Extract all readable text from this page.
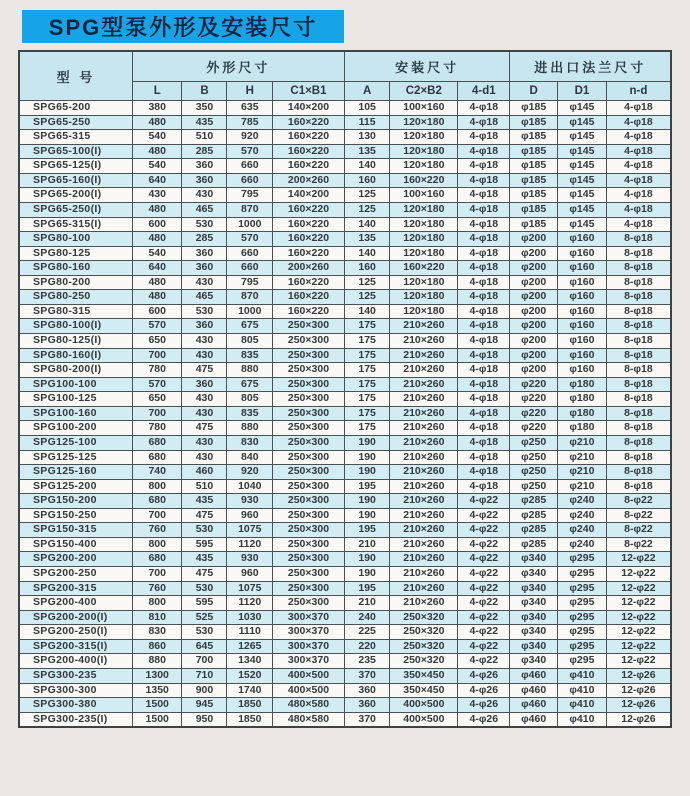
SPG型泵外形及安装尺寸
型 号	外形尺寸				安装尺寸			进出口法兰尺寸		
	L	B	H	C1×B1	A	C2×B2	4-d1	D	D1	n-d
SPG65-200	380	350	635	140×200	105	100×160	4-φ18	φ185	φ145	4-φ18
SPG65-250	480	435	785	160×220	115	120×180	4-φ18	φ185	φ145	4-φ18
SPG65-315	540	510	920	160×220	130	120×180	4-φ18	φ185	φ145	4-φ18
SPG65-100(I)	480	285	570	160×220	135	120×180	4-φ18	φ185	φ145	4-φ18
SPG65-125(I)	540	360	660	160×220	140	120×180	4-φ18	φ185	φ145	4-φ18
SPG65-160(I)	640	360	660	200×260	160	160×220	4-φ18	φ185	φ145	4-φ18
SPG65-200(I)	430	430	795	140×200	125	100×160	4-φ18	φ185	φ145	4-φ18
SPG65-250(I)	480	465	870	160×220	125	120×180	4-φ18	φ185	φ145	4-φ18
SPG65-315(I)	600	530	1000	160×220	140	120×180	4-φ18	φ185	φ145	4-φ18
SPG80-100	480	285	570	160×220	135	120×180	4-φ18	φ200	φ160	8-φ18
SPG80-125	540	360	660	160×220	140	120×180	4-φ18	φ200	φ160	8-φ18
SPG80-160	640	360	660	200×260	160	160×220	4-φ18	φ200	φ160	8-φ18
SPG80-200	480	430	795	160×220	125	120×180	4-φ18	φ200	φ160	8-φ18
SPG80-250	480	465	870	160×220	125	120×180	4-φ18	φ200	φ160	8-φ18
SPG80-315	600	530	1000	160×220	140	120×180	4-φ18	φ200	φ160	8-φ18
SPG80-100(I)	570	360	675	250×300	175	210×260	4-φ18	φ200	φ160	8-φ18
SPG80-125(I)	650	430	805	250×300	175	210×260	4-φ18	φ200	φ160	8-φ18
SPG80-160(I)	700	430	835	250×300	175	210×260	4-φ18	φ200	φ160	8-φ18
SPG80-200(I)	780	475	880	250×300	175	210×260	4-φ18	φ200	φ160	8-φ18
SPG100-100	570	360	675	250×300	175	210×260	4-φ18	φ220	φ180	8-φ18
SPG100-125	650	430	805	250×300	175	210×260	4-φ18	φ220	φ180	8-φ18
SPG100-160	700	430	835	250×300	175	210×260	4-φ18	φ220	φ180	8-φ18
SPG100-200	780	475	880	250×300	175	210×260	4-φ18	φ220	φ180	8-φ18
SPG125-100	680	430	830	250×300	190	210×260	4-φ18	φ250	φ210	8-φ18
SPG125-125	680	430	840	250×300	190	210×260	4-φ18	φ250	φ210	8-φ18
SPG125-160	740	460	920	250×300	190	210×260	4-φ18	φ250	φ210	8-φ18
SPG125-200	800	510	1040	250×300	195	210×260	4-φ18	φ250	φ210	8-φ18
SPG150-200	680	435	930	250×300	190	210×260	4-φ22	φ285	φ240	8-φ22
SPG150-250	700	475	960	250×300	190	210×260	4-φ22	φ285	φ240	8-φ22
SPG150-315	760	530	1075	250×300	195	210×260	4-φ22	φ285	φ240	8-φ22
SPG150-400	800	595	1120	250×300	210	210×260	4-φ22	φ285	φ240	8-φ22
SPG200-200	680	435	930	250×300	190	210×260	4-φ22	φ340	φ295	12-φ22
SPG200-250	700	475	960	250×300	190	210×260	4-φ22	φ340	φ295	12-φ22
SPG200-315	760	530	1075	250×300	195	210×260	4-φ22	φ340	φ295	12-φ22
SPG200-400	800	595	1120	250×300	210	210×260	4-φ22	φ340	φ295	12-φ22
SPG200-200(I)	810	525	1030	300×370	240	250×320	4-φ22	φ340	φ295	12-φ22
SPG200-250(I)	830	530	1110	300×370	225	250×320	4-φ22	φ340	φ295	12-φ22
SPG200-315(I)	860	645	1265	300×370	220	250×320	4-φ22	φ340	φ295	12-φ22
SPG200-400(I)	880	700	1340	300×370	235	250×320	4-φ22	φ340	φ295	12-φ22
SPG300-235	1300	710	1520	400×500	370	350×450	4-φ26	φ460	φ410	12-φ26
SPG300-300	1350	900	1740	400×500	360	350×450	4-φ26	φ460	φ410	12-φ26
SPG300-380	1500	945	1850	480×580	360	400×500	4-φ26	φ460	φ410	12-φ26
SPG300-235(I)	1500	950	1850	480×580	370	400×500	4-φ26	φ460	φ410	12-φ26
